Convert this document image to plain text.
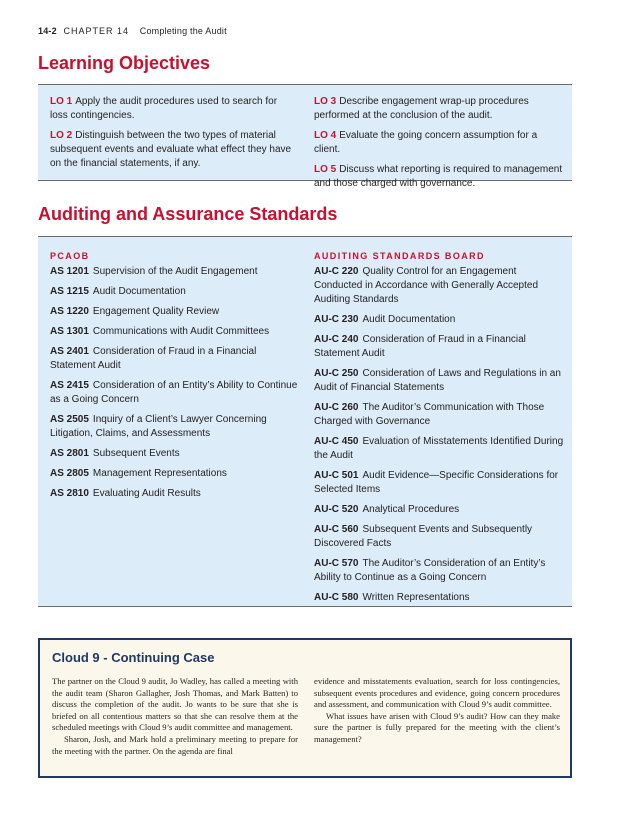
14-2 CHAPTER 14 Completing the Audit
Learning Objectives
LO 1 Apply the audit procedures used to search for loss contingencies.
LO 2 Distinguish between the two types of material subsequent events and evaluate what effect they have on the financial statements, if any.
LO 3 Describe engagement wrap-up procedures performed at the conclusion of the audit.
LO 4 Evaluate the going concern assumption for a client.
LO 5 Discuss what reporting is required to management and those charged with governance.
Auditing and Assurance Standards
PCAOB
AS 1201 Supervision of the Audit Engagement
AS 1215 Audit Documentation
AS 1220 Engagement Quality Review
AS 1301 Communications with Audit Committees
AS 2401 Consideration of Fraud in a Financial Statement Audit
AS 2415 Consideration of an Entity’s Ability to Continue as a Going Concern
AS 2505 Inquiry of a Client’s Lawyer Concerning Litigation, Claims, and Assessments
AS 2801 Subsequent Events
AS 2805 Management Representations
AS 2810 Evaluating Audit Results
AUDITING STANDARDS BOARD
AU-C 220 Quality Control for an Engagement Conducted in Accordance with Generally Accepted Auditing Standards
AU-C 230 Audit Documentation
AU-C 240 Consideration of Fraud in a Financial Statement Audit
AU-C 250 Consideration of Laws and Regulations in an Audit of Financial Statements
AU-C 260 The Auditor’s Communication with Those Charged with Governance
AU-C 450 Evaluation of Misstatements Identified During the Audit
AU-C 501 Audit Evidence—Specific Considerations for Selected Items
AU-C 520 Analytical Procedures
AU-C 560 Subsequent Events and Subsequently Discovered Facts
AU-C 570 The Auditor’s Consideration of an Entity’s Ability to Continue as a Going Concern
AU-C 580 Written Representations
Cloud 9 - Continuing Case

The partner on the Cloud 9 audit, Jo Wadley, has called a meeting with the audit team (Sharon Gallagher, Josh Thomas, and Mark Batten) to discuss the completion of the audit. Jo wants to be sure that she is briefed on all contentious matters so that she can resolve them at the scheduled meetings with Cloud 9’s audit committee and management.

Sharon, Josh, and Mark hold a preliminary meeting to prepare for the meeting with the partner. On the agenda are final

evidence and misstatements evaluation, search for loss contingencies, subsequent events procedures and evidence, going concern procedures and assessment, and communication with Cloud 9’s audit committee.

What issues have arisen with Cloud 9’s audit? How can they make sure the partner is fully prepared for the meeting with the client’s management?
